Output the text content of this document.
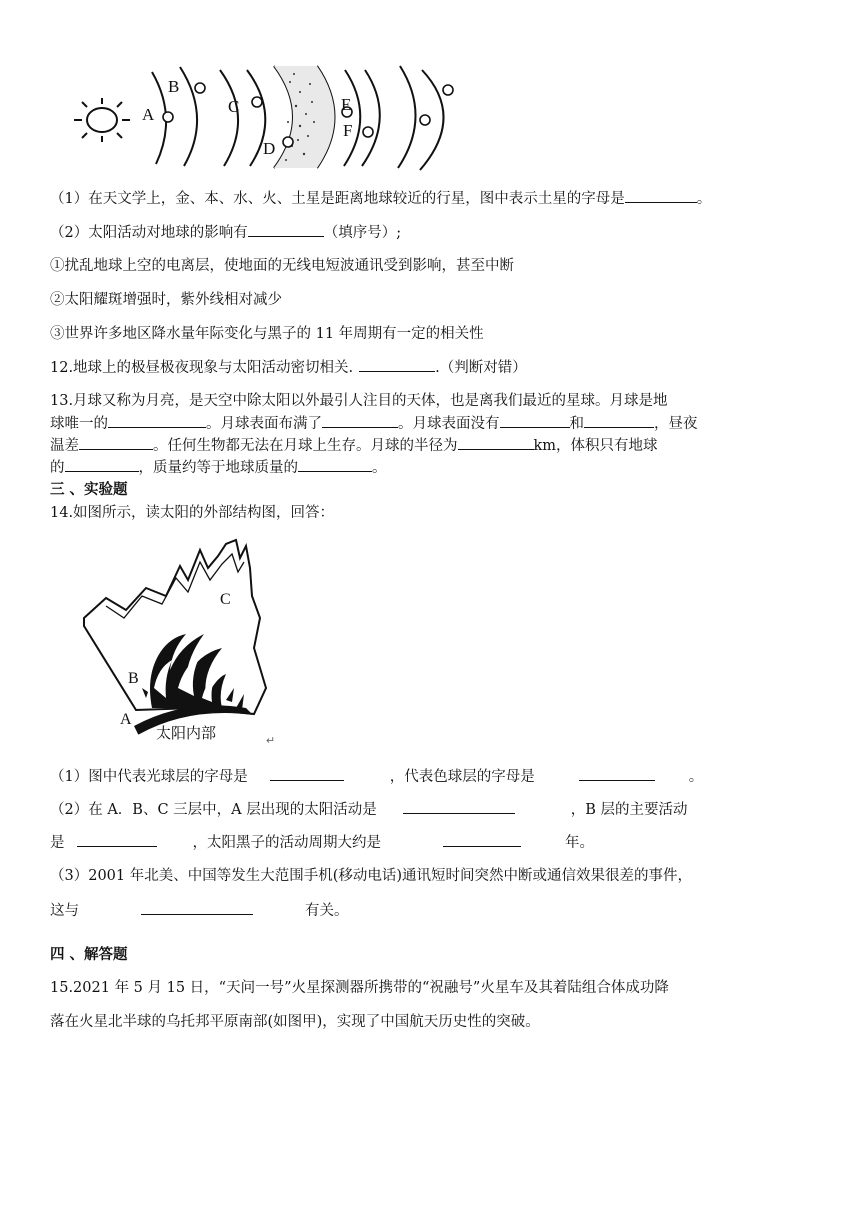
A
B
C
D
E
F
（1）在天文学上，金、本、水、火、土星是距离地球较近的行星，图中表示土星的字母是	。
（2）太阳活动对地球的影响有	（填序号）;
①扰乱地球上空的电离层，使地面的无线电短波通讯受到影响，甚至中断
②太阳耀斑增强时，紫外线相对减少
③世界许多地区降水量年际变化与黑子的 11 年周期有一定的相关性
12.地球上的极昼极夜现象与太阳活动密切相关.	.（判断对错）
13.月球又称为月亮，是天空中除太阳以外最引人注目的天体，也是离我们最近的星球。月球是地
球唯一的	。月球表面布满了	。月球表面没有	和	，昼夜
温差	。任何生物都无法在月球上生存。月球的半径为	km，体积只有地球
的	，质量约等于地球质量的	。
三 、实验题
14.如图所示，读太阳的外部结构图，回答：
C
B
A
太阳内部	↵
（1）图中代表光球层的字母是	，代表色球层的字母是	。
（2）在 A．B、C 三层中，A 层出现的太阳活动是	，B 层的主要活动
是	，太阳黑子的活动周期大约是	年。
（3）2001 年北美、中国等发生大范围手机(移动电话)通讯短时间突然中断或通信效果很差的事件，
这与	有关。
四 、解答题
15.2021 年 5 月 15 日，“天问一号”火星探测器所携带的“祝融号”火星车及其着陆组合体成功降
落在火星北半球的乌托邦平原南部(如图甲)，实现了中国航天历史性的突破。
